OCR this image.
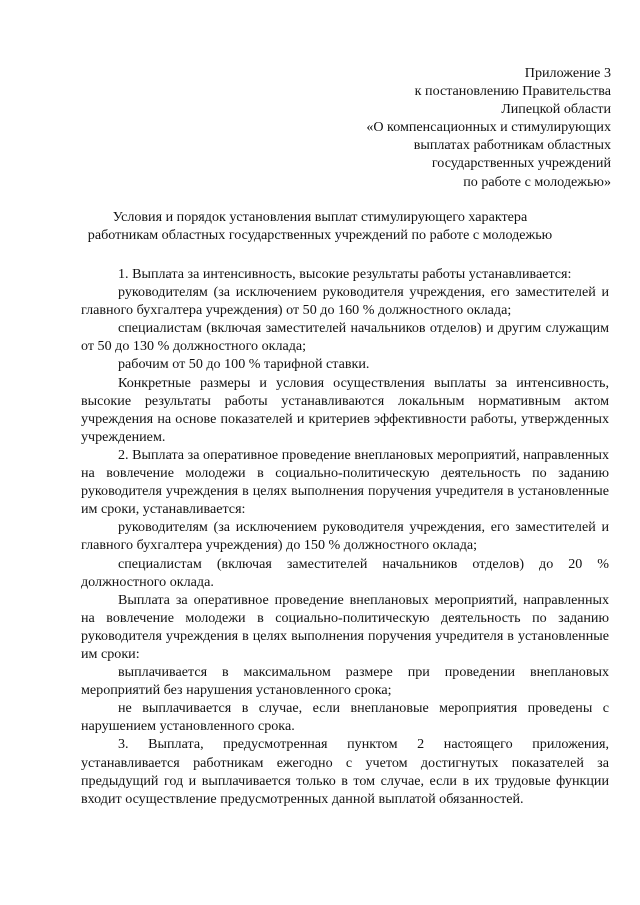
Приложение 3
к постановлению Правительства
Липецкой области
«О компенсационных и стимулирующих
выплатах работникам областных
государственных учреждений
по работе с молодежью»
Условия и порядок установления выплат стимулирующего характера
работникам областных государственных учреждений по работе с молодежью

1. Выплата за интенсивность, высокие результаты работы устанавливается:

руководителям (за исключением руководителя учреждения, его заместителей и главного бухгалтера учреждения) от 50 до 160 % должностного оклада;

специалистам (включая заместителей начальников отделов) и другим служащим от 50 до 130 % должностного оклада;

рабочим от 50 до 100 % тарифной ставки.

Конкретные размеры и условия осуществления выплаты за интенсивность, высокие результаты работы устанавливаются локальным нормативным актом учреждения на основе показателей и критериев эффективности работы, утвержденных учреждением.

2. Выплата за оперативное проведение внеплановых мероприятий, направленных на вовлечение молодежи в социально-политическую деятельность по заданию руководителя учреждения в целях выполнения поручения учредителя в установленные им сроки, устанавливается:

руководителям (за исключением руководителя учреждения, его заместителей и главного бухгалтера учреждения) до 150 % должностного оклада;

специалистам (включая заместителей начальников отделов) до 20 % должностного оклада.

Выплата за оперативное проведение внеплановых мероприятий, направленных на вовлечение молодежи в социально-политическую деятельность по заданию руководителя учреждения в целях выполнения поручения учредителя в установленные им сроки:

выплачивается в максимальном размере при проведении внеплановых мероприятий без нарушения установленного срока;

не выплачивается в случае, если внеплановые мероприятия проведены с нарушением установленного срока.

3. Выплата, предусмотренная пунктом 2 настоящего приложения, устанавливается работникам ежегодно с учетом достигнутых показателей за предыдущий год и выплачивается только в том случае, если в их трудовые функции входит осуществление предусмотренных данной выплатой обязанностей.
